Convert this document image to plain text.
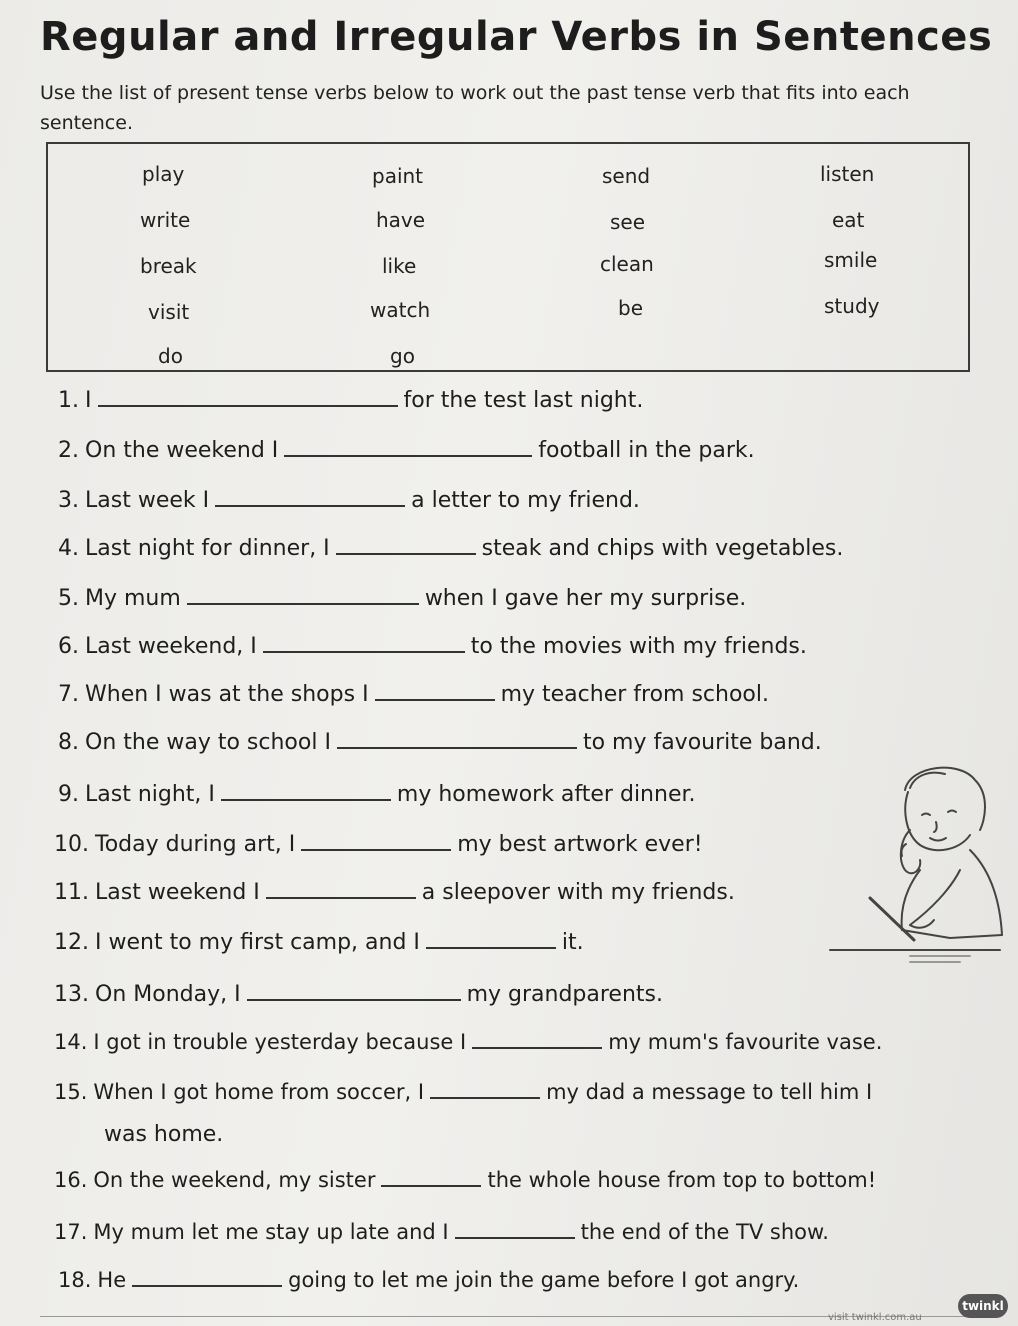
Regular and Irregular Verbs in Sentences
Use the list of present tense verbs below to work out the past tense verb that fits into each sentence.
play	paint	send	listen
write	have	see	eat
break	like	clean	smile
visit	watch	be	study
do	go
1. I	for the test last night.
2. On the weekend I	football in the park.
3. Last week I	a letter to my friend.
4. Last night for dinner, I	steak and chips with vegetables.
5. My mum	when I gave her my surprise.
6. Last weekend, I	to the movies with my friends.
7. When I was at the shops I	my teacher from school.
8. On the way to school I	to my favourite band.
9. Last night, I	my homework after dinner.
10. Today during art, I	my best artwork ever!
11. Last weekend I	a sleepover with my friends.
12. I went to my first camp, and I	it.
13. On Monday, I	my grandparents.
14. I got in trouble yesterday because I	my mum's favourite vase.
15. When I got home from soccer, I	my dad a message to tell him I
was home.
16. On the weekend, my sister	the whole house from top to bottom!
17. My mum let me stay up late and I	the end of the TV show.
18. He	going to let me join the game before I got angry.
visit twinkl.com.au
twinkl
